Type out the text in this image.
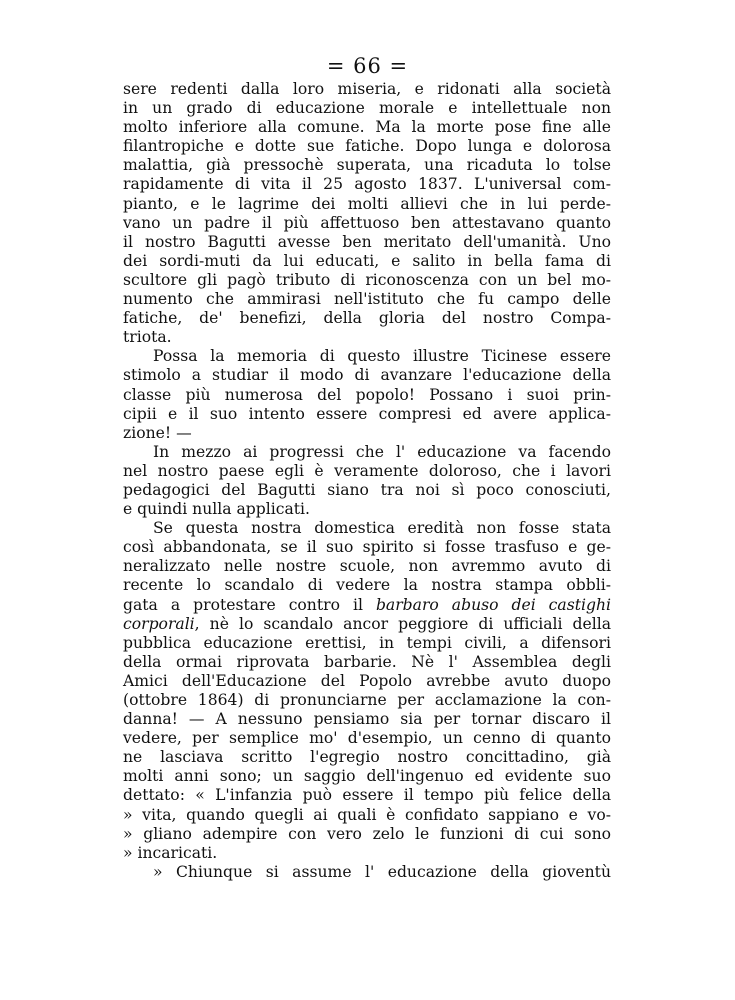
= 66 =
sere redenti dalla loro miseria, e ridonati alla società
in un grado di educazione morale e intellettuale non
molto inferiore alla comune. Ma la morte pose fine alle
filantropiche e dotte sue fatiche. Dopo lunga e dolorosa
malattia, già pressochè superata, una ricaduta lo tolse
rapidamente di vita il 25 agosto 1837. L'universal com-
pianto, e le lagrime dei molti allievi che in lui perde-
vano un padre il più affettuoso ben attestavano quanto
il nostro Bagutti avesse ben meritato dell'umanità. Uno
dei sordi-muti da lui educati, e salito in bella fama di
scultore gli pagò tributo di riconoscenza con un bel mo-
numento che ammirasi nell'istituto che fu campo delle
fatiche, de' benefizi, della gloria del nostro Compa-
triota.
Possa la memoria di questo illustre Ticinese essere
stimolo a studiar il modo di avanzare l'educazione della
classe più numerosa del popolo! Possano i suoi prin-
cipii e il suo intento essere compresi ed avere applica-
zione! —
In mezzo ai progressi che l' educazione va facendo
nel nostro paese egli è veramente doloroso, che i lavori
pedagogici del Bagutti siano tra noi sì poco conosciuti,
e quindi nulla applicati.
Se questa nostra domestica eredità non fosse stata
così abbandonata, se il suo spirito si fosse trasfuso e ge-
neralizzato nelle nostre scuole, non avremmo avuto di
recente lo scandalo di vedere la nostra stampa obbli-
gata a protestare contro il barbaro abuso dei castighi
corporali, nè lo scandalo ancor peggiore di ufficiali della
pubblica educazione erettisi, in tempi civili, a difensori
della ormai riprovata barbarie. Nè l' Assemblea degli
Amici dell'Educazione del Popolo avrebbe avuto duopo
(ottobre 1864) di pronunciarne per acclamazione la con-
danna! — A nessuno pensiamo sia per tornar discaro il
vedere, per semplice mo' d'esempio, un cenno di quanto
ne lasciava scritto l'egregio nostro concittadino, già
molti anni sono; un saggio dell'ingenuo ed evidente suo
dettato: « L'infanzia può essere il tempo più felice della
» vita, quando quegli ai quali è confidato sappiano e vo-
» gliano adempire con vero zelo le funzioni di cui sono
» incaricati.
» Chiunque si assume l' educazione della gioventù
